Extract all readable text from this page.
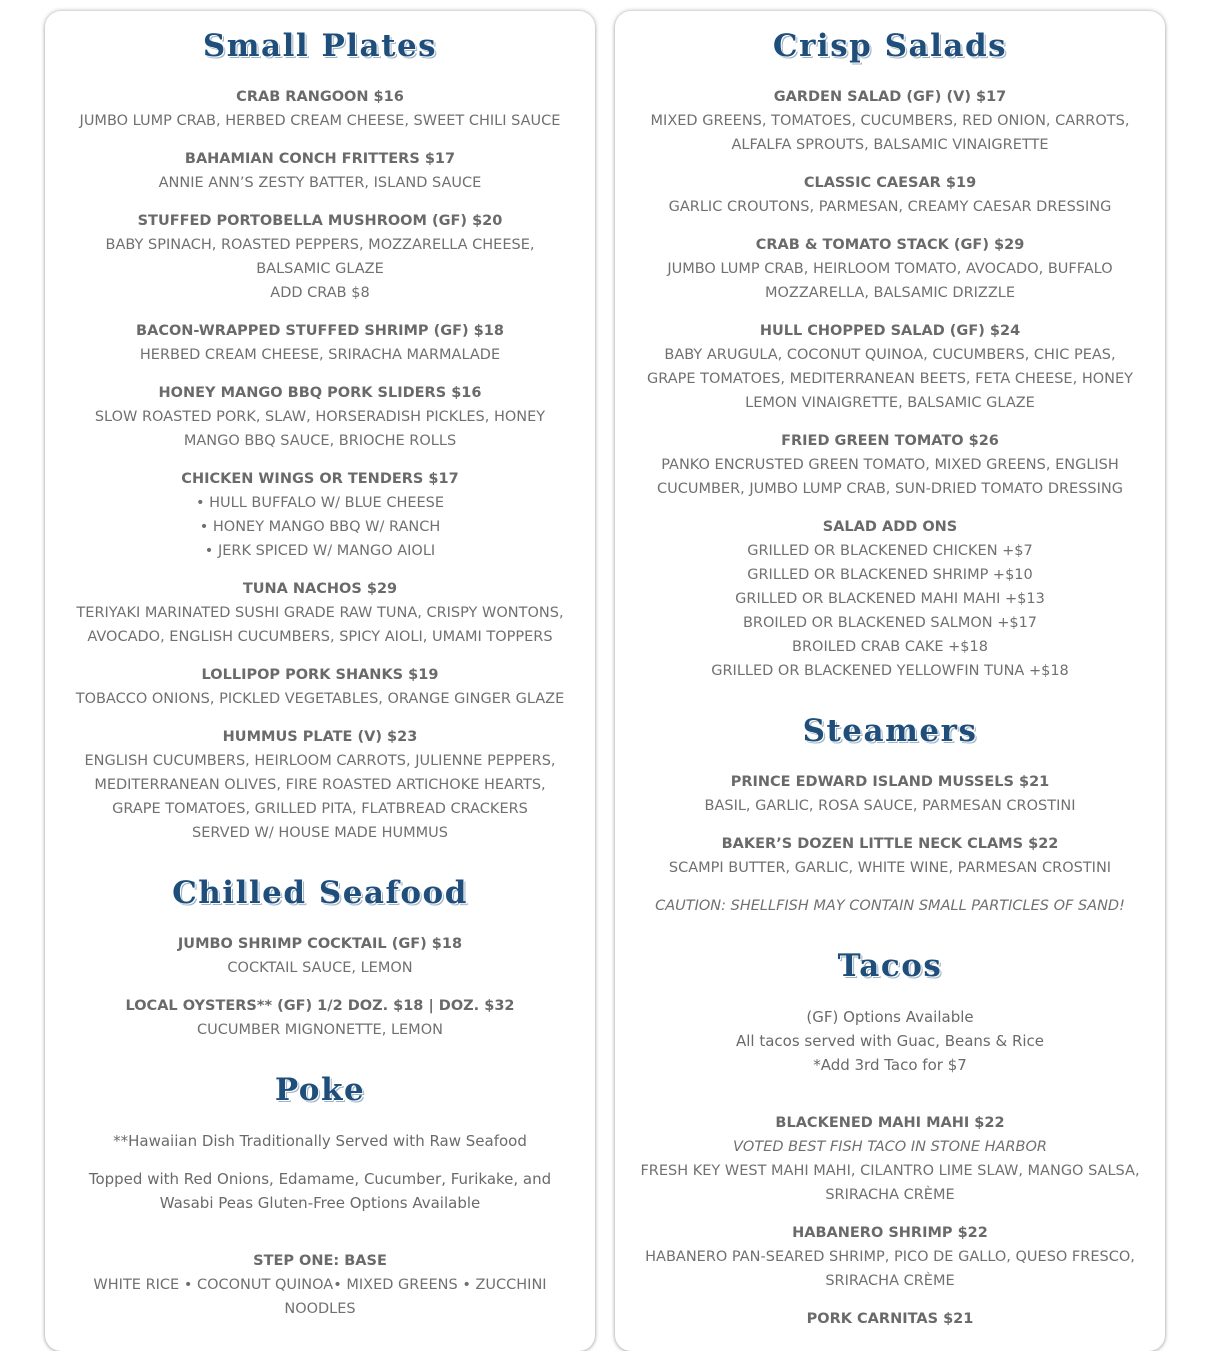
Small Plates
CRAB RANGOON $16
JUMBO LUMP CRAB, HERBED CREAM CHEESE, SWEET CHILI SAUCE
BAHAMIAN CONCH FRITTERS $17
ANNIE ANN’S ZESTY BATTER, ISLAND SAUCE
STUFFED PORTOBELLA MUSHROOM (GF) $20
BABY SPINACH, ROASTED PEPPERS, MOZZARELLA CHEESE,
BALSAMIC GLAZE
ADD CRAB $8
BACON-WRAPPED STUFFED SHRIMP (GF) $18
HERBED CREAM CHEESE, SRIRACHA MARMALADE
HONEY MANGO BBQ PORK SLIDERS $16
SLOW ROASTED PORK, SLAW, HORSERADISH PICKLES, HONEY
MANGO BBQ SAUCE, BRIOCHE ROLLS
CHICKEN WINGS OR TENDERS $17
• HULL BUFFALO W/ BLUE CHEESE
• HONEY MANGO BBQ W/ RANCH
• JERK SPICED W/ MANGO AIOLI
TUNA NACHOS $29
TERIYAKI MARINATED SUSHI GRADE RAW TUNA, CRISPY WONTONS,
AVOCADO, ENGLISH CUCUMBERS, SPICY AIOLI, UMAMI TOPPERS
LOLLIPOP PORK SHANKS $19
TOBACCO ONIONS, PICKLED VEGETABLES, ORANGE GINGER GLAZE
HUMMUS PLATE (V) $23
ENGLISH CUCUMBERS, HEIRLOOM CARROTS, JULIENNE PEPPERS,
MEDITERRANEAN OLIVES, FIRE ROASTED ARTICHOKE HEARTS,
GRAPE TOMATOES, GRILLED PITA, FLATBREAD CRACKERS
SERVED W/ HOUSE MADE HUMMUS
Chilled Seafood
JUMBO SHRIMP COCKTAIL (GF) $18
COCKTAIL SAUCE, LEMON
LOCAL OYSTERS** (GF) 1/2 DOZ. $18 | DOZ. $32
CUCUMBER MIGNONETTE, LEMON
Poke
**Hawaiian Dish Traditionally Served with Raw Seafood
Topped with Red Onions, Edamame, Cucumber, Furikake, and
Wasabi Peas Gluten-Free Options Available
STEP ONE: BASE
WHITE RICE • COCONUT QUINOA• MIXED GREENS • ZUCCHINI
NOODLES
Crisp Salads
GARDEN SALAD (GF) (V) $17
MIXED GREENS, TOMATOES, CUCUMBERS, RED ONION, CARROTS,
ALFALFA SPROUTS, BALSAMIC VINAIGRETTE
CLASSIC CAESAR $19
GARLIC CROUTONS, PARMESAN, CREAMY CAESAR DRESSING
CRAB & TOMATO STACK (GF) $29
JUMBO LUMP CRAB, HEIRLOOM TOMATO, AVOCADO, BUFFALO
MOZZARELLA, BALSAMIC DRIZZLE
HULL CHOPPED SALAD (GF) $24
BABY ARUGULA, COCONUT QUINOA, CUCUMBERS, CHIC PEAS,
GRAPE TOMATOES, MEDITERRANEAN BEETS, FETA CHEESE, HONEY
LEMON VINAIGRETTE, BALSAMIC GLAZE
FRIED GREEN TOMATO $26
PANKO ENCRUSTED GREEN TOMATO, MIXED GREENS, ENGLISH
CUCUMBER, JUMBO LUMP CRAB, SUN-DRIED TOMATO DRESSING
SALAD ADD ONS
GRILLED OR BLACKENED CHICKEN +$7
GRILLED OR BLACKENED SHRIMP +$10
GRILLED OR BLACKENED MAHI MAHI +$13
BROILED OR BLACKENED SALMON +$17
BROILED CRAB CAKE +$18
GRILLED OR BLACKENED YELLOWFIN TUNA +$18
Steamers
PRINCE EDWARD ISLAND MUSSELS $21
BASIL, GARLIC, ROSA SAUCE, PARMESAN CROSTINI
BAKER’S DOZEN LITTLE NECK CLAMS $22
SCAMPI BUTTER, GARLIC, WHITE WINE, PARMESAN CROSTINI
CAUTION: SHELLFISH MAY CONTAIN SMALL PARTICLES OF SAND!
Tacos
(GF) Options Available
All tacos served with Guac, Beans & Rice
*Add 3rd Taco for $7
BLACKENED MAHI MAHI $22
VOTED BEST FISH TACO IN STONE HARBOR
FRESH KEY WEST MAHI MAHI, CILANTRO LIME SLAW, MANGO SALSA,
SRIRACHA CRÈME
HABANERO SHRIMP $22
HABANERO PAN-SEARED SHRIMP, PICO DE GALLO, QUESO FRESCO,
SRIRACHA CRÈME
PORK CARNITAS $21
